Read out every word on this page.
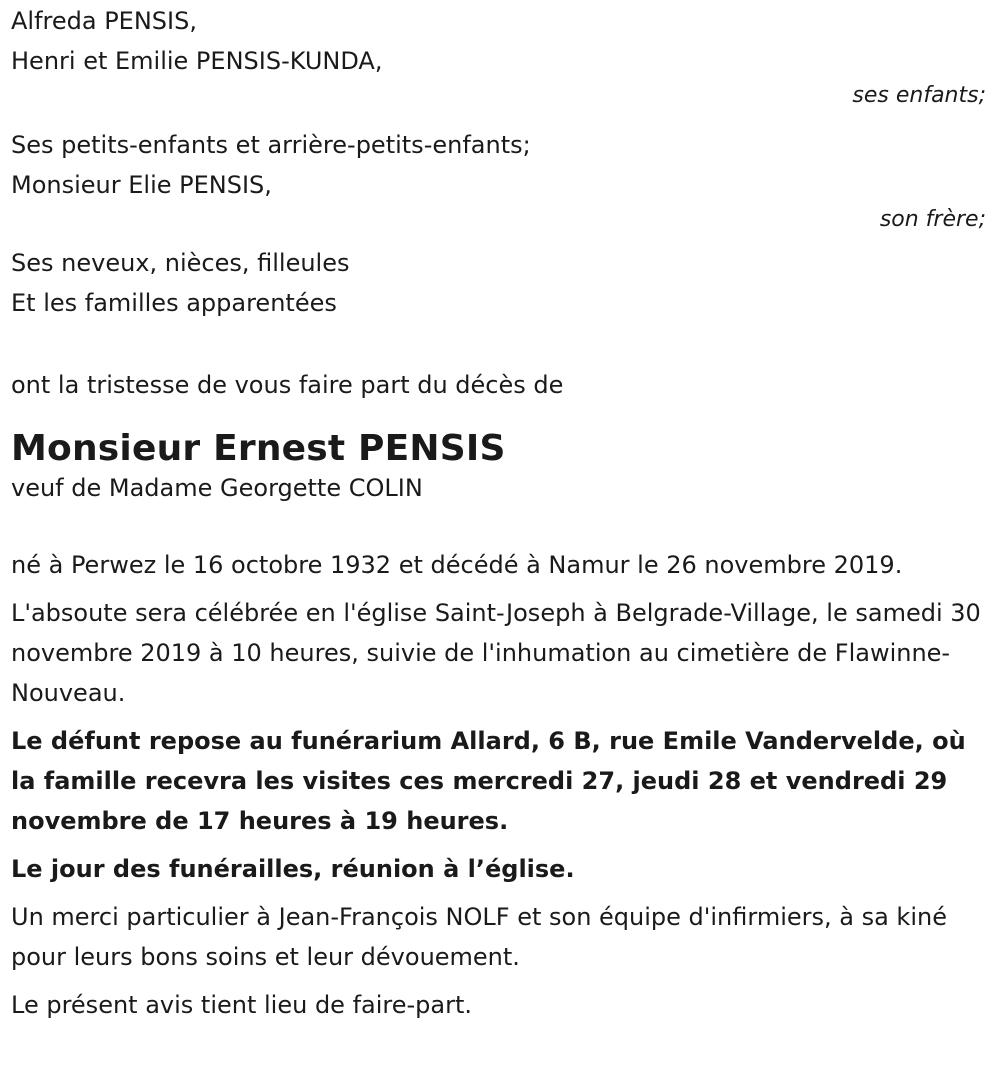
Alfreda PENSIS,
Henri et Emilie PENSIS-KUNDA,
ses enfants;
Ses petits-enfants et arrière-petits-enfants;
Monsieur Elie PENSIS,
son frère;
Ses neveux, nièces, filleules
Et les familles apparentées
ont la tristesse de vous faire part du décès de
Monsieur Ernest PENSIS
veuf de Madame Georgette COLIN

né à Perwez le 16 octobre 1932 et décédé à Namur le 26 novembre 2019.

L'absoute sera célébrée en l'église Saint-Joseph à Belgrade-Village, le samedi 30 novembre 2019 à 10 heures, suivie de l'inhumation au cimetière de Flawinne-Nouveau.

Le défunt repose au funérarium Allard, 6 B, rue Emile Vandervelde, où la famille recevra les visites ces mercredi 27, jeudi 28 et vendredi 29 novembre de 17 heures à 19 heures.

Le jour des funérailles, réunion à l’église.

Un merci particulier à Jean-François NOLF et son équipe d'infirmiers, à sa kiné pour leurs bons soins et leur dévouement.

Le présent avis tient lieu de faire-part.
